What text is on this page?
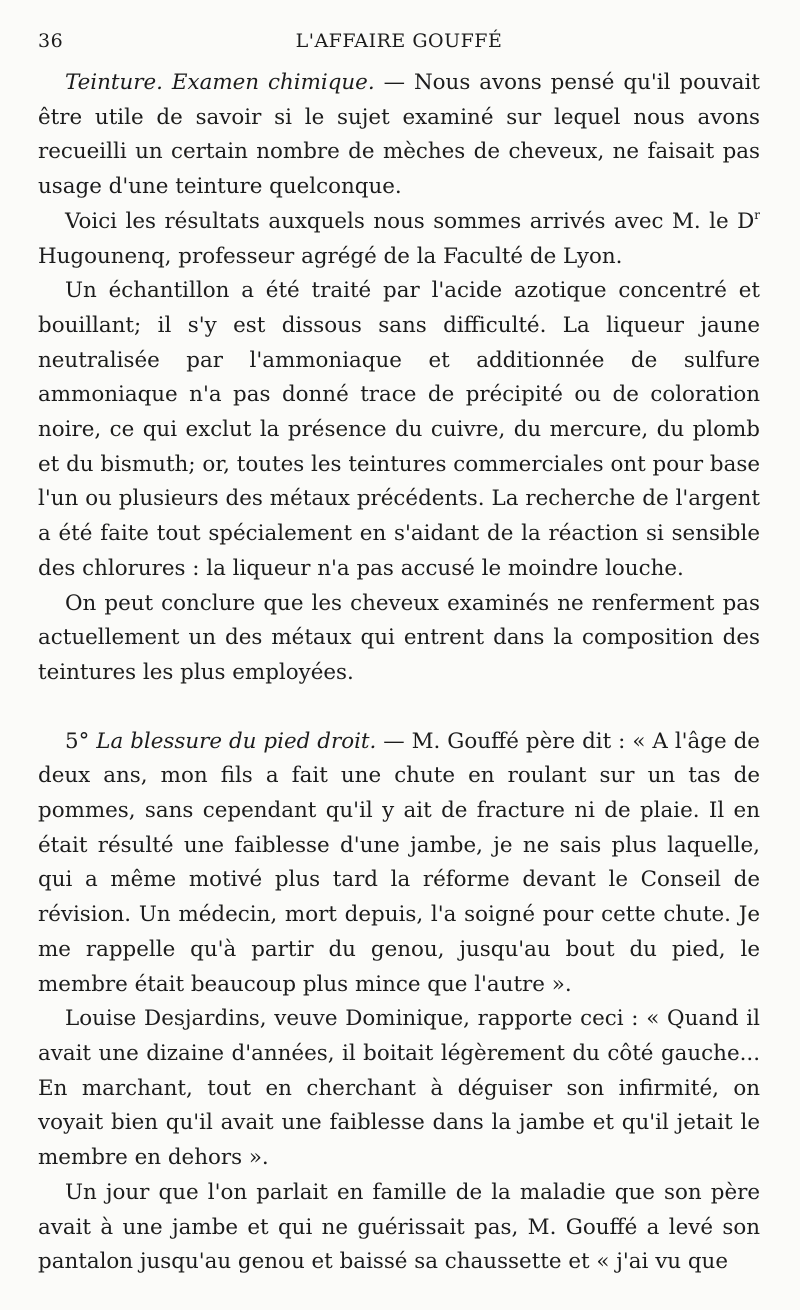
36	L'AFFAIRE GOUFFÉ

Teinture. Examen chimique. — Nous avons pensé qu'il pouvait être utile de savoir si le sujet examiné sur lequel nous avons recueilli un certain nombre de mèches de cheveux, ne faisait pas usage d'une teinture quelconque.

Voici les résultats auxquels nous sommes arrivés avec M. le $D^r$ Hugounenq, professeur agrégé de la Faculté de Lyon.

Un échantillon a été traité par l'acide azotique concentré et bouillant; il s'y est dissous sans difficulté. La liqueur jaune neutralisée par l'ammoniaque et additionnée de sulfure ammoniaque n'a pas donné trace de précipité ou de coloration noire, ce qui exclut la présence du cuivre, du mercure, du plomb et du bismuth; or, toutes les teintures commerciales ont pour base l'un ou plusieurs des métaux précédents. La recherche de l'argent a été faite tout spécialement en s'aidant de la réaction si sensible des chlorures : la liqueur n'a pas accusé le moindre louche.

On peut conclure que les cheveux examinés ne renferment pas actuellement un des métaux qui entrent dans la composition des teintures les plus employées.

5° La blessure du pied droit. — M. Gouffé père dit : « A l'âge de deux ans, mon fils a fait une chute en roulant sur un tas de pommes, sans cependant qu'il y ait de fracture ni de plaie. Il en était résulté une faiblesse d'une jambe, je ne sais plus laquelle, qui a même motivé plus tard la réforme devant le Conseil de révision. Un médecin, mort depuis, l'a soigné pour cette chute. Je me rappelle qu'à partir du genou, jusqu'au bout du pied, le membre était beaucoup plus mince que l'autre ».

Louise Desjardins, veuve Dominique, rapporte ceci : « Quand il avait une dizaine d'années, il boitait légèrement du côté gauche... En marchant, tout en cherchant à déguiser son infirmité, on voyait bien qu'il avait une faiblesse dans la jambe et qu'il jetait le membre en dehors ».

Un jour que l'on parlait en famille de la maladie que son père avait à une jambe et qui ne guérissait pas, M. Gouffé a levé son pantalon jusqu'au genou et baissé sa chaussette et « j'ai vu que
